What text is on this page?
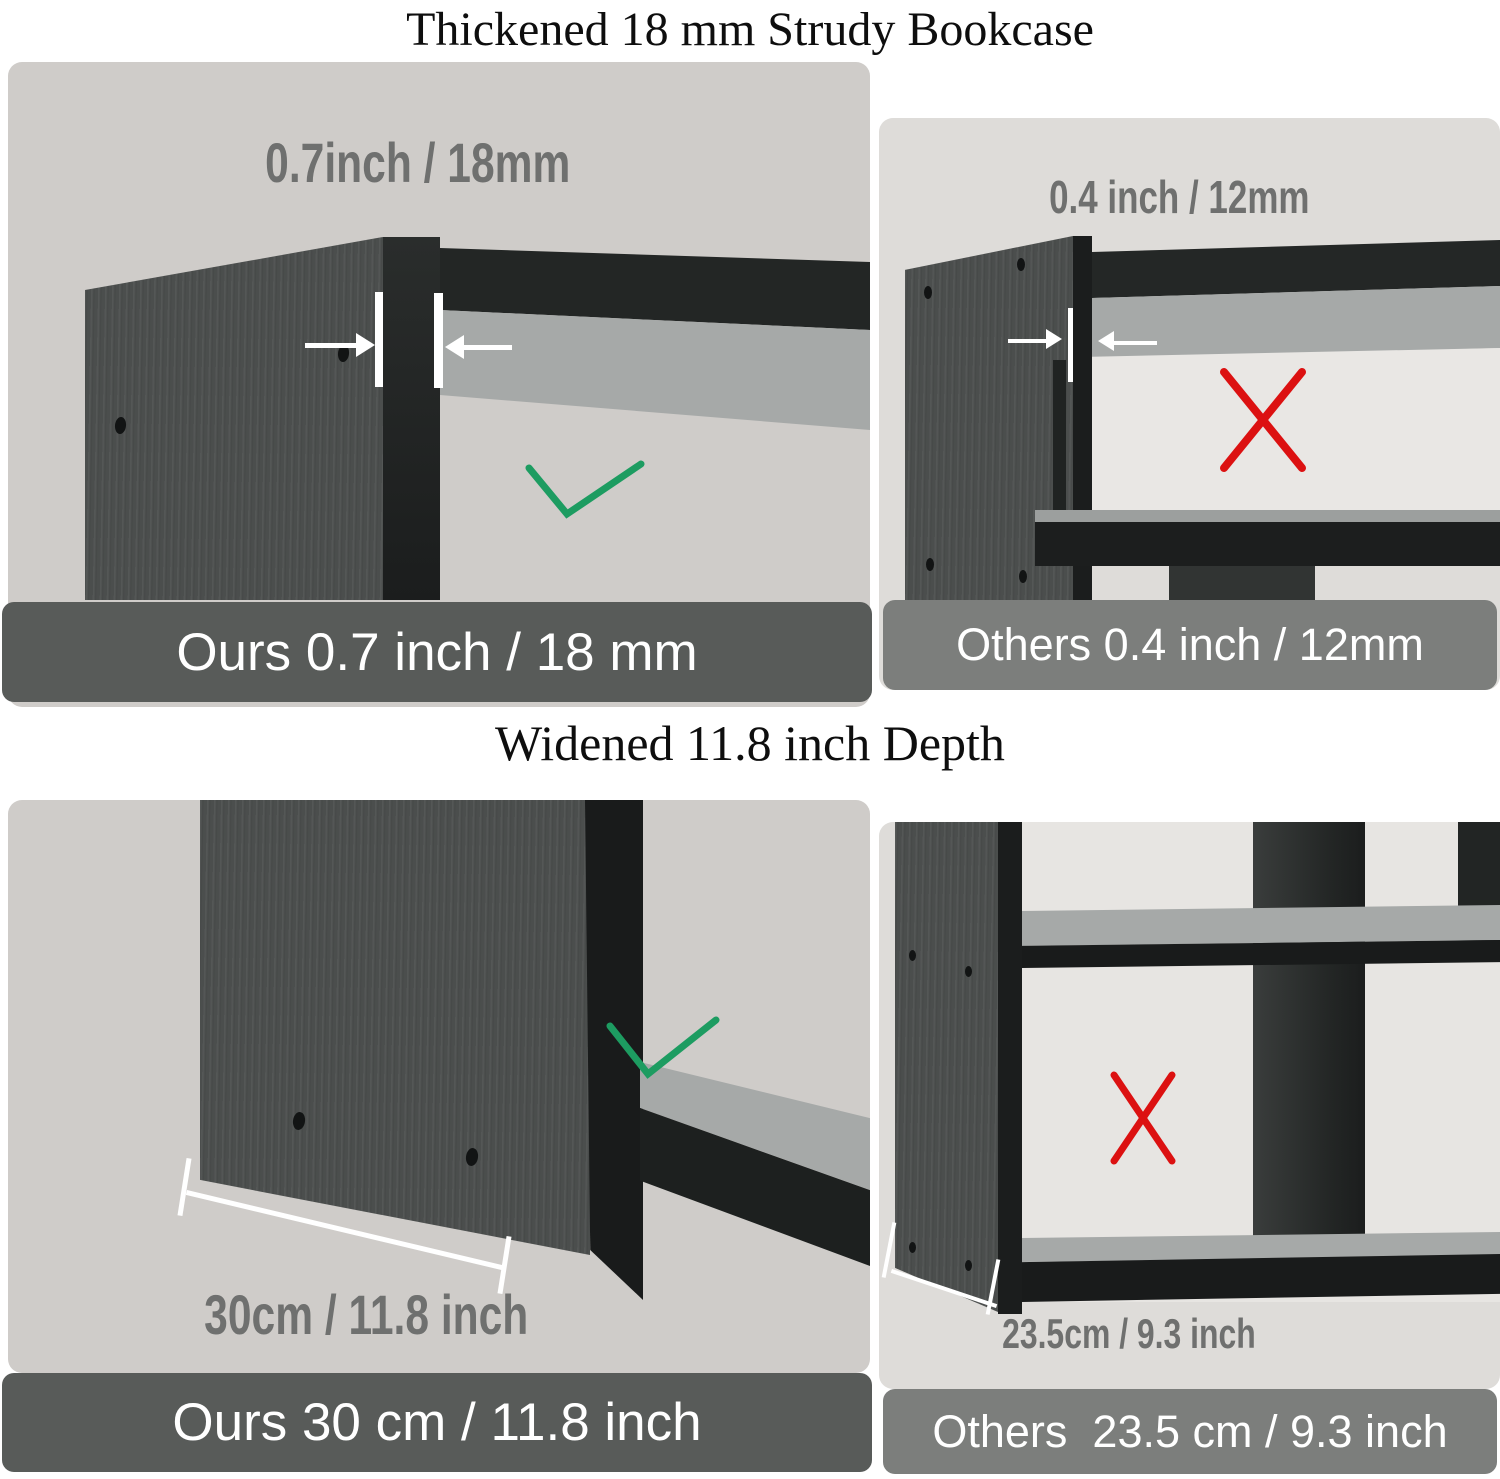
Thickened 18 mm Strudy Bookcase
0.7inch / 18mm
Ours 0.7 inch / 18 mm
0.4 inch / 12mm
Others 0.4 inch / 12mm
Widened 11.8 inch Depth
30cm / 11.8 inch
Ours 30 cm / 11.8 inch
23.5cm / 9.3 inch
Others  23.5 cm / 9.3 inch
